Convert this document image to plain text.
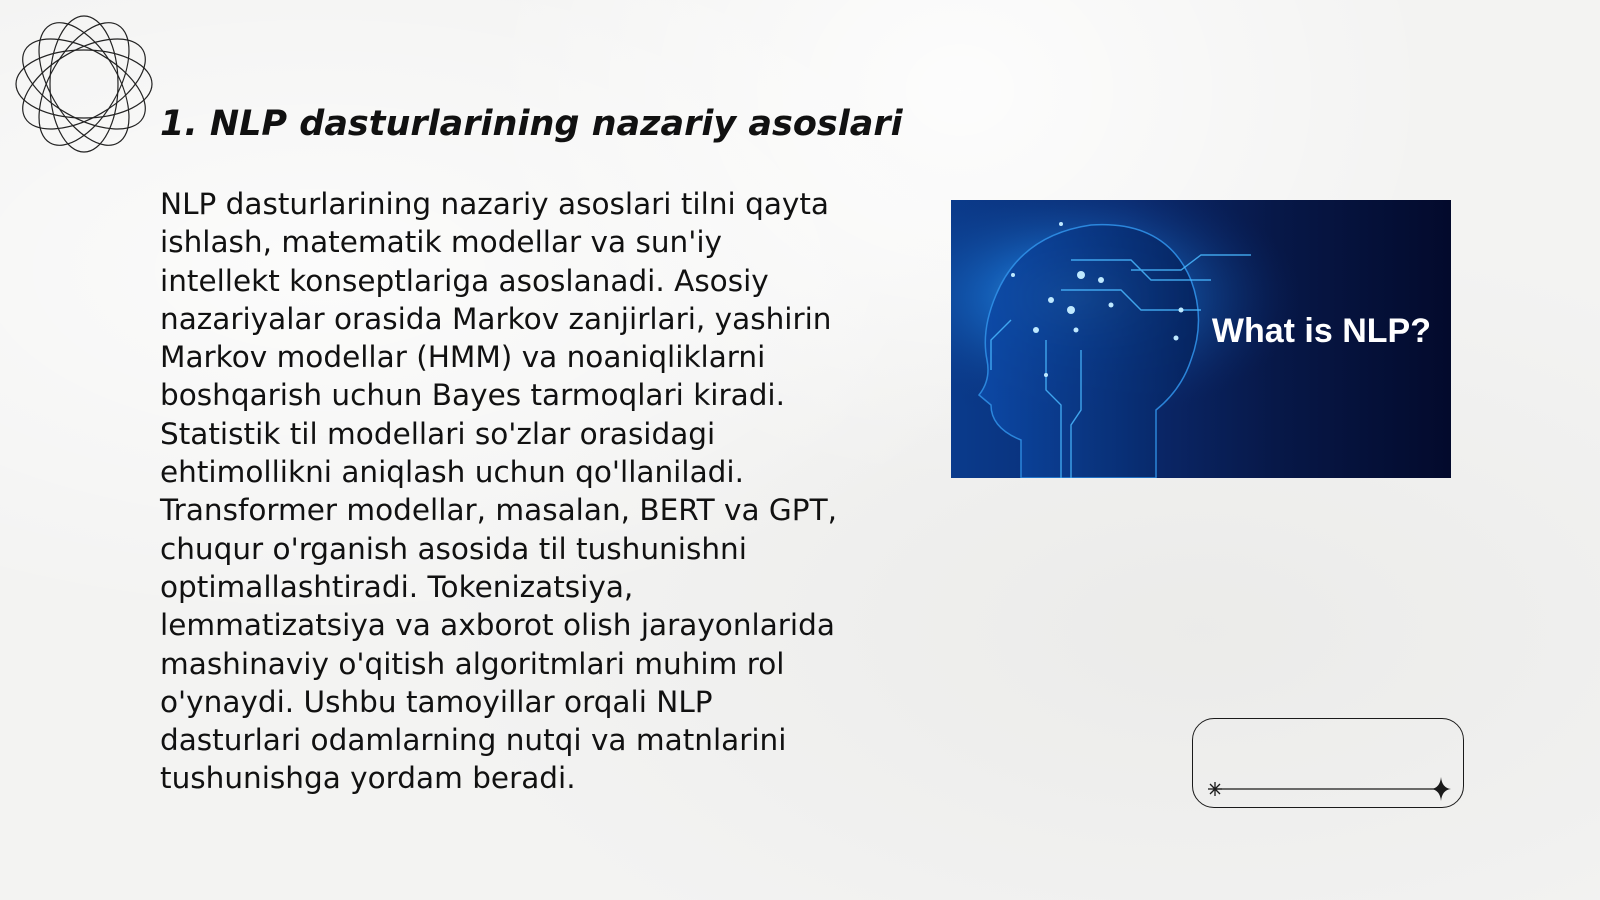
1. NLP dasturlarining nazariy asoslari

NLP dasturlarining nazariy asoslari tilni qayta ishlash, matematik modellar va sun'iy intellekt konseptlariga asoslanadi. Asosiy nazariyalar orasida Markov zanjirlari, yashirin Markov modellar (HMM) va noaniqliklarni boshqarish uchun Bayes tarmoqlari kiradi. Statistik til modellari so'zlar orasidagi ehtimollikni aniqlash uchun qo'llaniladi. Transformer modellar, masalan, BERT va GPT, chuqur o'rganish asosida til tushunishni optimallashtiradi. Tokenizatsiya, lemmatizatsiya va axborot olish jarayonlarida mashinaviy o'qitish algoritmlari muhim rol o'ynaydi. Ushbu tamoyillar orqali NLP dasturlari odamlarning nutqi va matnlarini tushunishga yordam beradi.

What is NLP?
